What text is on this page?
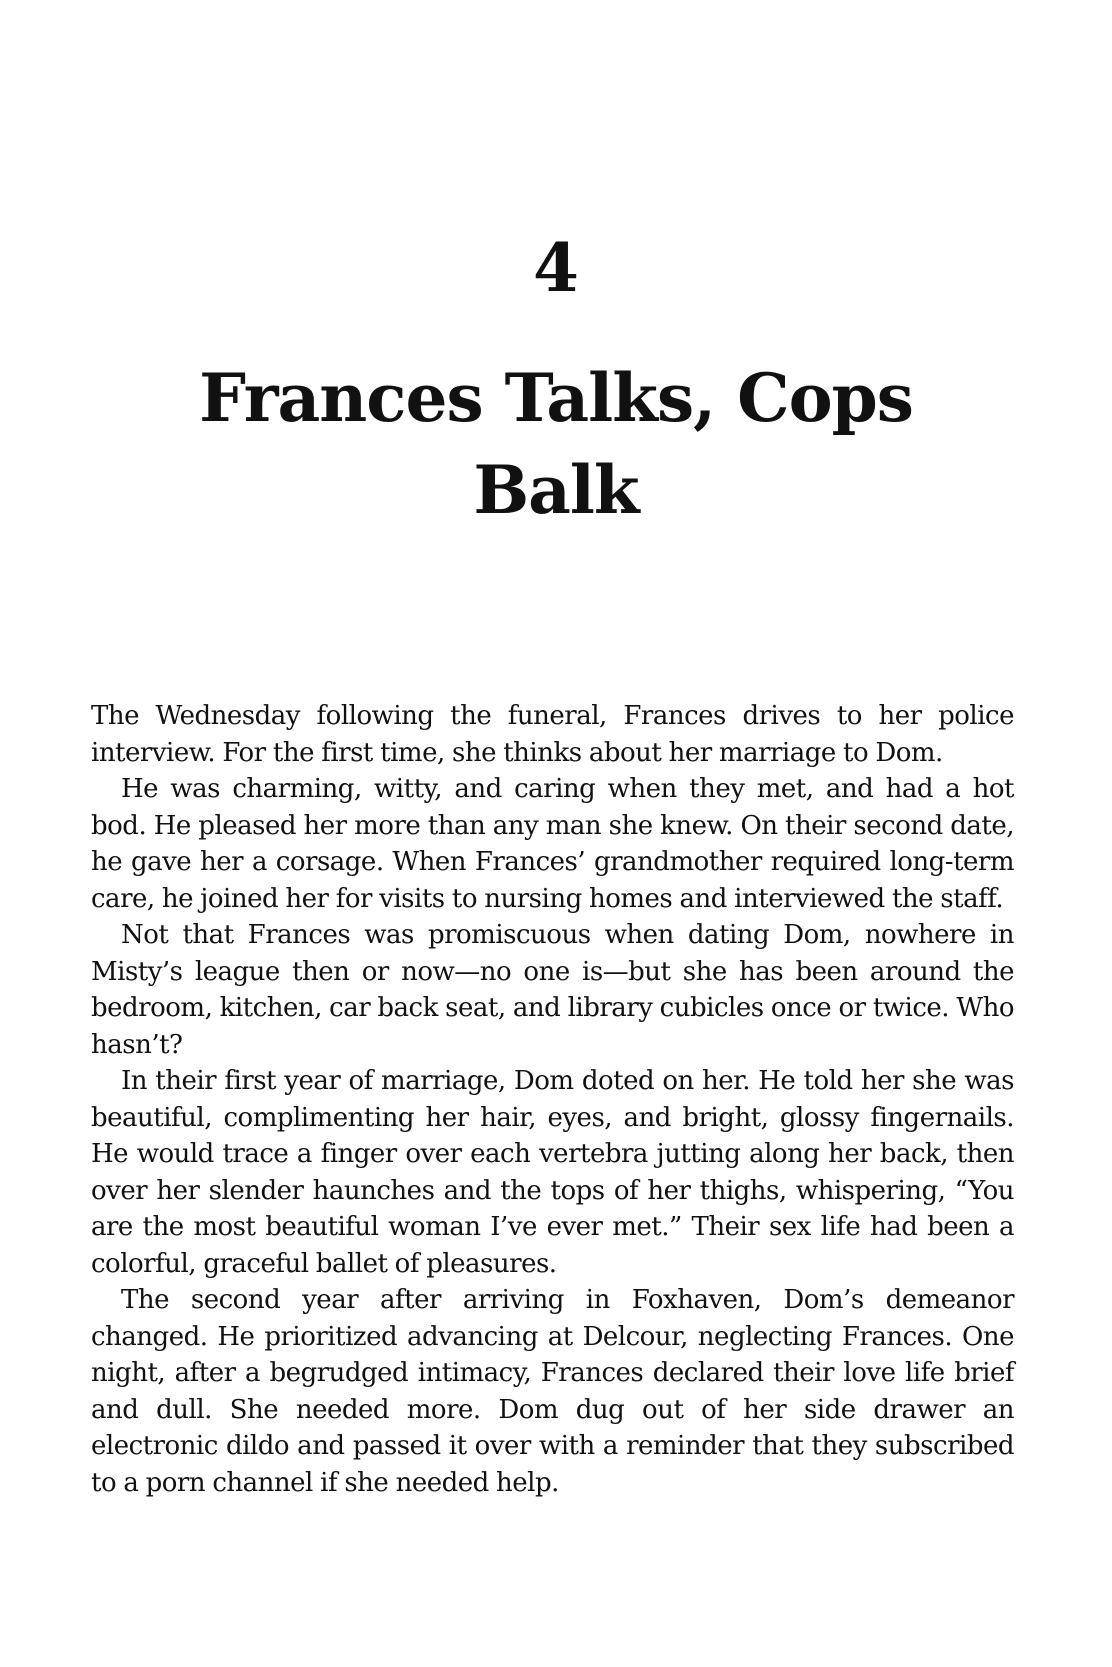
4
Frances Talks, Cops Balk

The Wednesday following the funeral, Frances drives to her police interview. For the first time, she thinks about her marriage to Dom.

He was charming, witty, and caring when they met, and had a hot bod. He pleased her more than any man she knew. On their second date, he gave her a corsage. When Frances’ grandmother required long-term care, he joined her for visits to nursing homes and interviewed the staff.

Not that Frances was promiscuous when dating Dom, nowhere in Misty’s league then or now—no one is—but she has been around the bedroom, kitchen, car back seat, and library cubicles once or twice. Who hasn’t?

In their first year of marriage, Dom doted on her. He told her she was beautiful, complimenting her hair, eyes, and bright, glossy fingernails. He would trace a finger over each vertebra jutting along her back, then over her slender haunches and the tops of her thighs, whispering, “You are the most beautiful woman I’ve ever met.” Their sex life had been a colorful, graceful ballet of pleasures.

The second year after arriving in Foxhaven, Dom’s demeanor changed. He prioritized advancing at Delcour, neglecting Frances. One night, after a begrudged intimacy, Frances declared their love life brief and dull. She needed more. Dom dug out of her side drawer an electronic dildo and passed it over with a reminder that they subscribed to a porn channel if she needed help.
